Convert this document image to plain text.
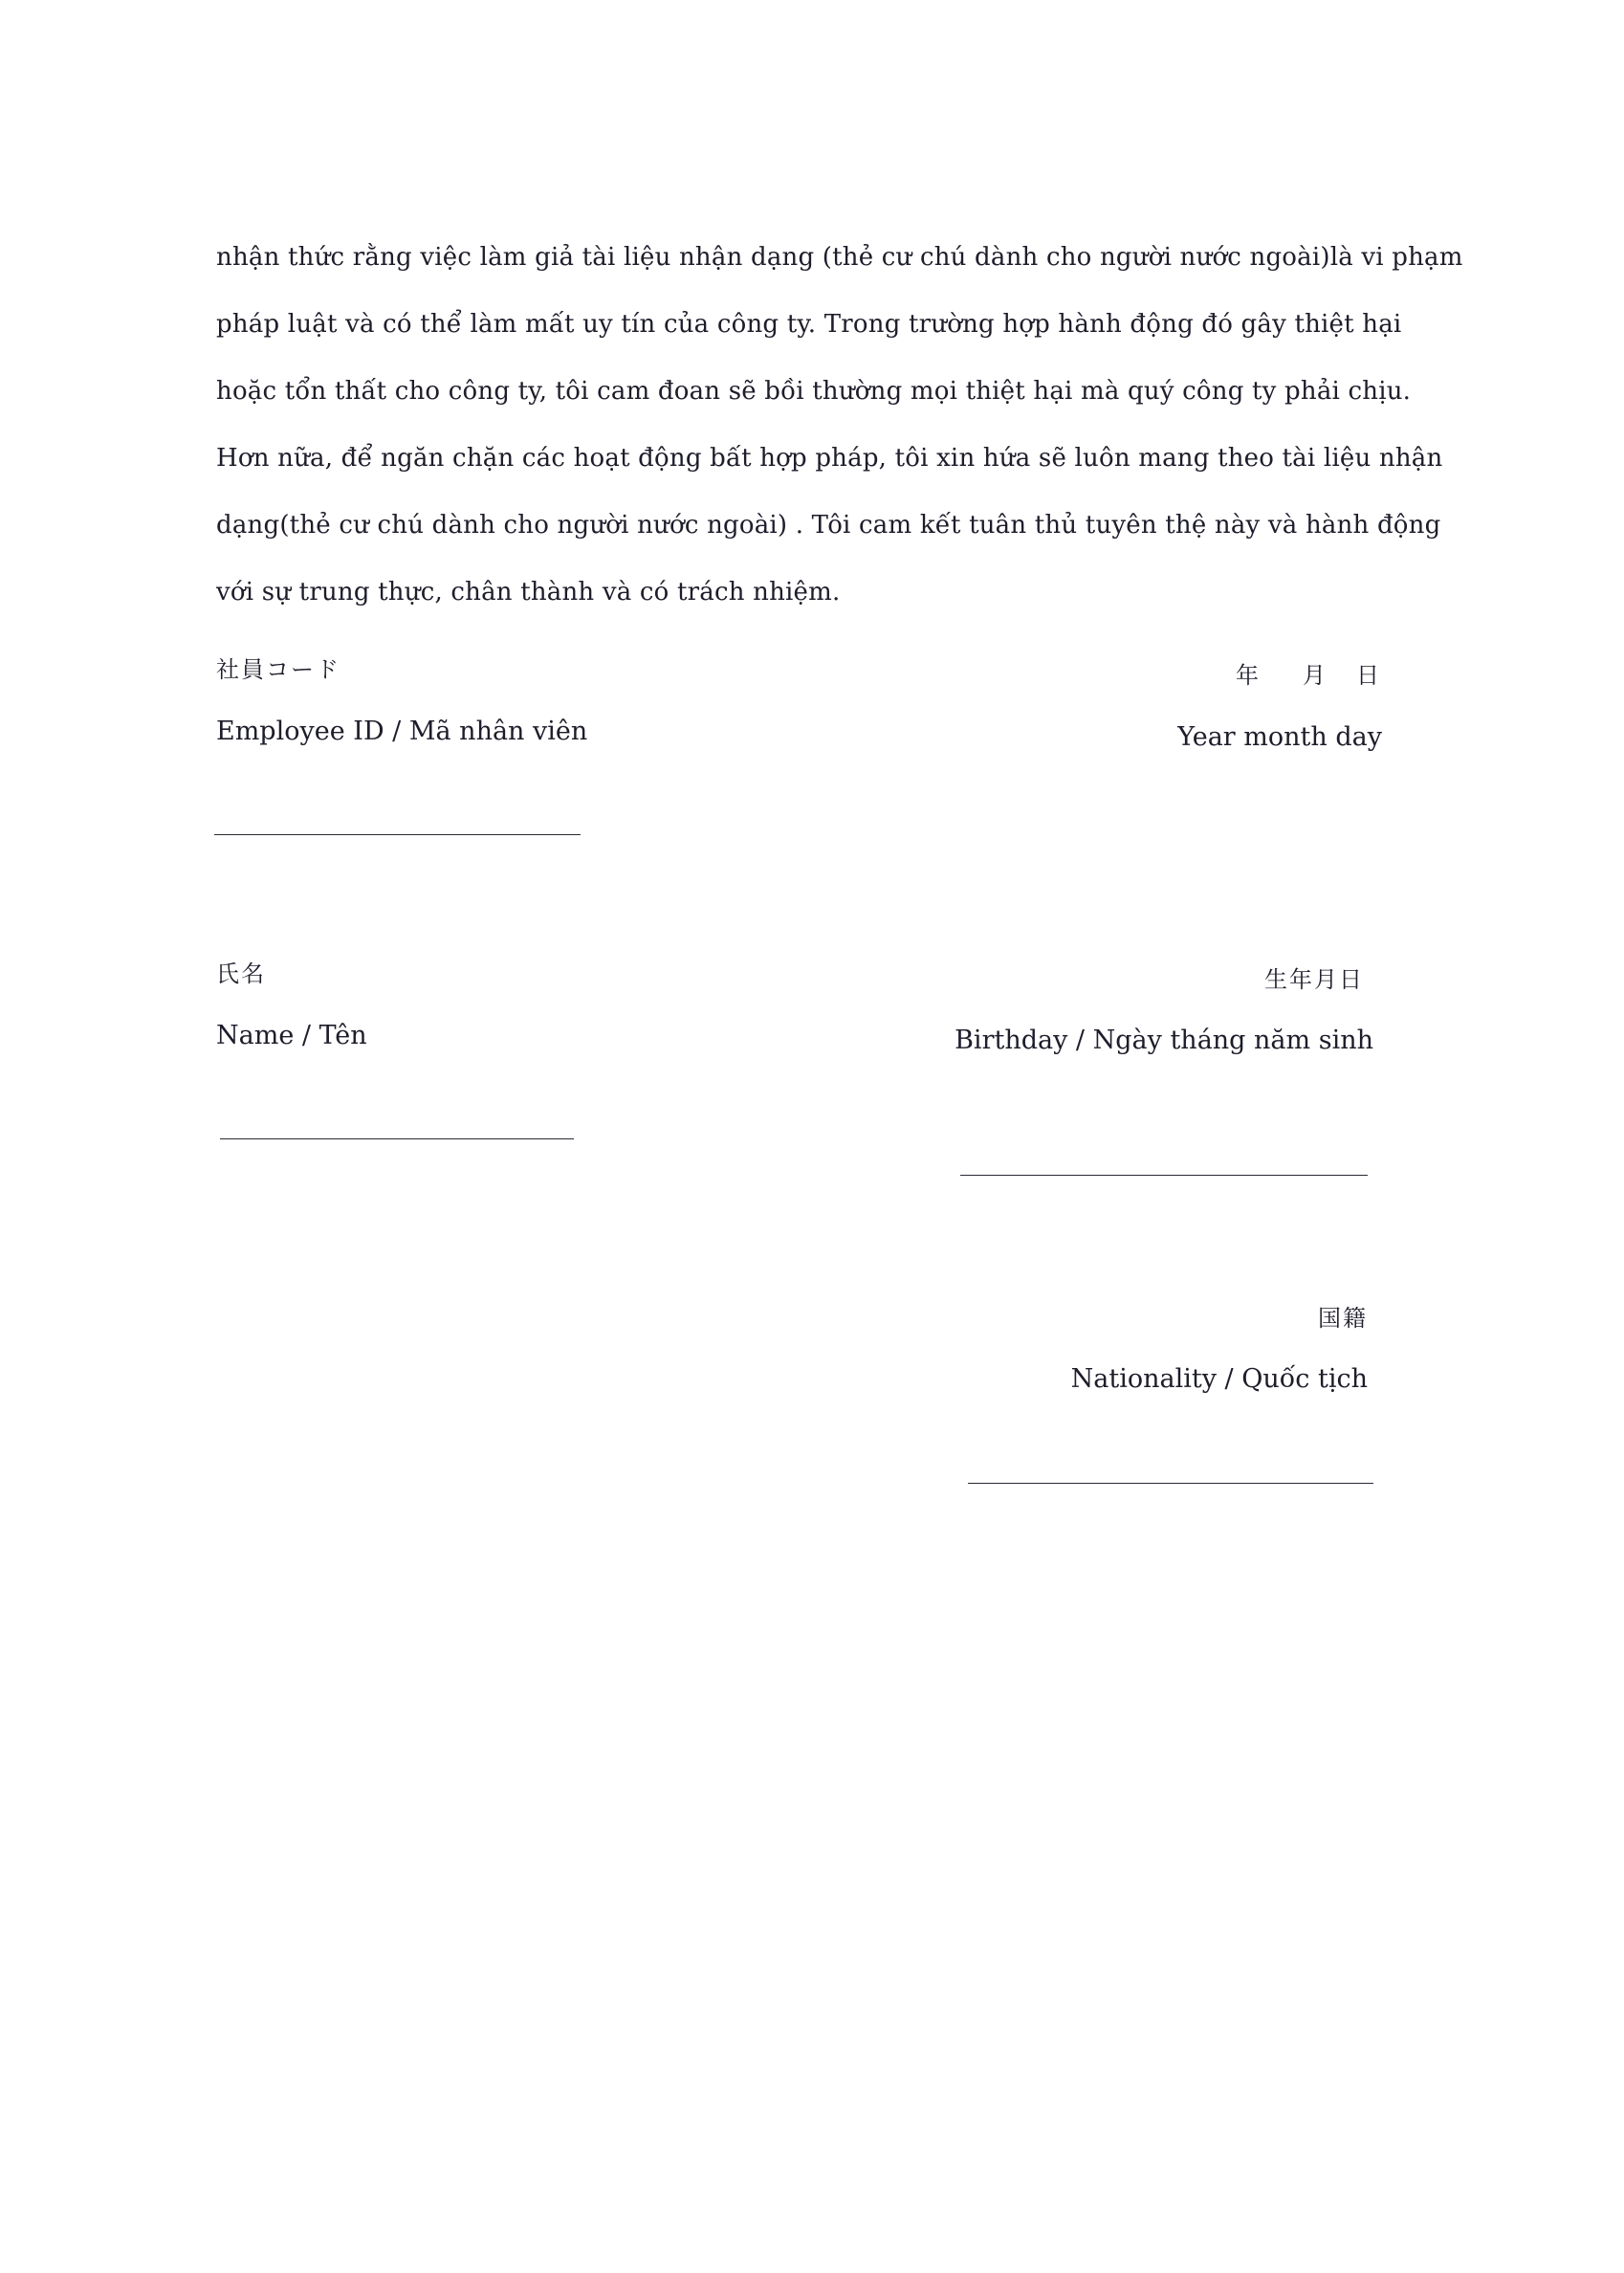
nhận thức rằng việc làm giả tài liệu nhận dạng (thẻ cư chú dành cho người nước ngoài)là vi phạm
pháp luật và có thể làm mất uy tín của công ty. Trong trường hợp hành động đó gây thiệt hại
hoặc tổn thất cho công ty, tôi cam đoan sẽ bồi thường mọi thiệt hại mà quý công ty phải chịu.
Hơn nữa, để ngăn chặn các hoạt động bất hợp pháp, tôi xin hứa sẽ luôn mang theo tài liệu nhận
dạng(thẻ cư chú dành cho người nước ngoài) . Tôi cam kết tuân thủ tuyên thệ này và hành động
với sự trung thực, chân thành và có trách nhiệm.
社員コード
Employee ID / Mã nhân viên
年 月 日
Year month day
氏名
Name / Tên
生年月日
Birthday / Ngày tháng năm sinh
国籍
Nationality / Quốc tịch
